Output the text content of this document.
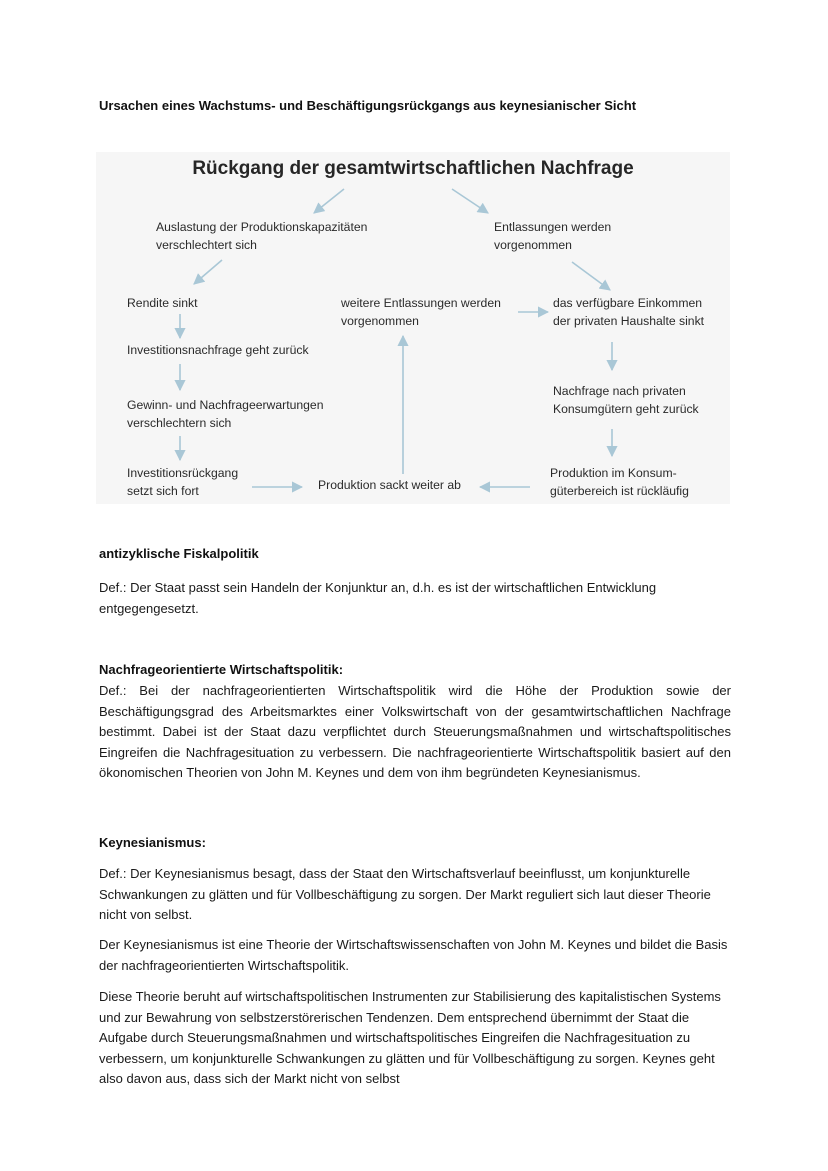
Ursachen eines Wachstums- und Beschäftigungsrückgangs aus keynesianischer Sicht
Rückgang der gesamtwirtschaftlichen Nachfrage
Auslastung der Produktionskapazitäten
verschlechtert sich
Entlassungen werden
vorgenommen
Rendite sinkt	weitere Entlassungen werden
vorgenommen
das verfügbare Einkommen
der privaten Haushalte sinkt
Investitionsnachfrage geht zurück
Nachfrage nach privaten
Konsumgütern geht zurück
Gewinn- und Nachfrageerwartungen
verschlechtern sich
Investitionsrückgang
setzt sich fort	Produktion sackt weiter ab
Produktion im Konsum-
güterbereich ist rückläufig
antizyklische Fiskalpolitik

Def.: Der Staat passt sein Handeln der Konjunktur an, d.h. es ist der wirtschaftlichen Entwicklung entgegengesetzt.

Nachfrageorientierte Wirtschaftspolitik:

Def.: Bei der nachfrageorientierten Wirtschaftspolitik wird die Höhe der Produktion sowie der Beschäftigungsgrad des Arbeitsmarktes einer Volkswirtschaft von der gesamtwirtschaftlichen Nachfrage bestimmt. Dabei ist der Staat dazu verpflichtet durch Steuerungsmaßnahmen und wirtschaftspolitisches Eingreifen die Nachfragesituation zu verbessern. Die nachfrageorientierte Wirtschaftspolitik basiert auf den ökonomischen Theorien von John M. Keynes und dem von ihm begründeten Keynesianismus.

Keynesianismus:

Def.: Der Keynesianismus besagt, dass der Staat den Wirtschaftsverlauf beeinflusst, um konjunkturelle Schwankungen zu glätten und für Vollbeschäftigung zu sorgen. Der Markt reguliert sich laut dieser Theorie nicht von selbst.

Der Keynesianismus ist eine Theorie der Wirtschaftswissenschaften von John M. Keynes und bildet die Basis der nachfrageorientierten Wirtschaftspolitik.

Diese Theorie beruht auf wirtschaftspolitischen Instrumenten zur Stabilisierung des kapitalistischen Systems und zur Bewahrung von selbstzerstörerischen Tendenzen. Dem entsprechend übernimmt der Staat die Aufgabe durch Steuerungsmaßnahmen und wirtschaftspolitisches Eingreifen die Nachfragesituation zu verbessern, um konjunkturelle Schwankungen zu glätten und für Vollbeschäftigung zu sorgen. Keynes geht also davon aus, dass sich der Markt nicht von selbst
